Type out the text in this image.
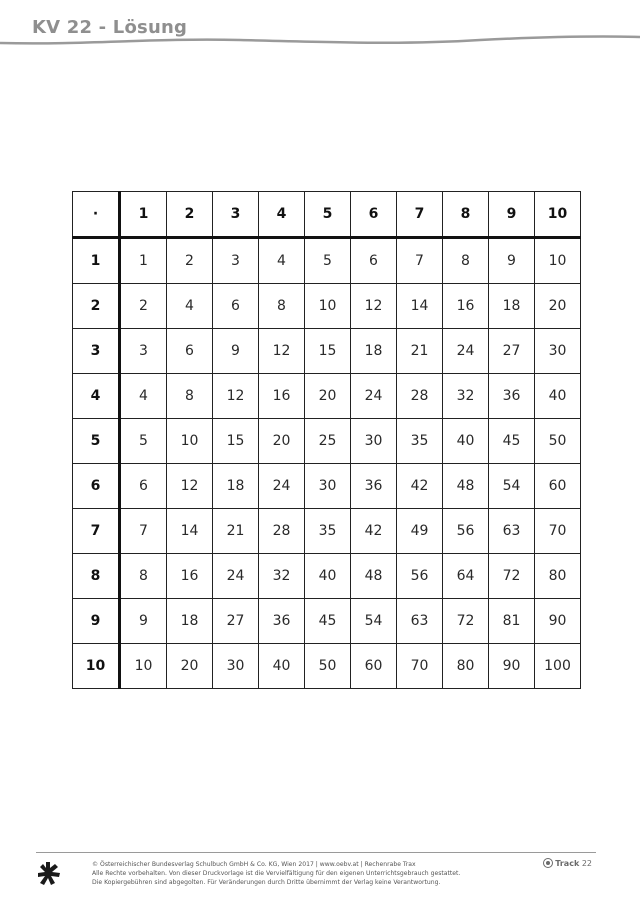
KV 22 - Lösung
·	1	2	3	4	5	6	7	8	9	10
1	1	2	3	4	5	6	7	8	9	10
2	2	4	6	8	10	12	14	16	18	20
3	3	6	9	12	15	18	21	24	27	30
4	4	8	12	16	20	24	28	32	36	40
5	5	10	15	20	25	30	35	40	45	50
6	6	12	18	24	30	36	42	48	54	60
7	7	14	21	28	35	42	49	56	63	70
8	8	16	24	32	40	48	56	64	72	80
9	9	18	27	36	45	54	63	72	81	90
10	10	20	30	40	50	60	70	80	90	100
© Österreichischer Bundesverlag Schulbuch GmbH & Co. KG, Wien 2017 | www.oebv.at | Rechenrabe Trax
Alle Rechte vorbehalten. Von dieser Druckvorlage ist die Vervielfältigung für den eigenen Unterrichtsgebrauch gestattet.
Die Kopiergebühren sind abgegolten. Für Veränderungen durch Dritte übernimmt der Verlag keine Verantwortung.
Track 22
